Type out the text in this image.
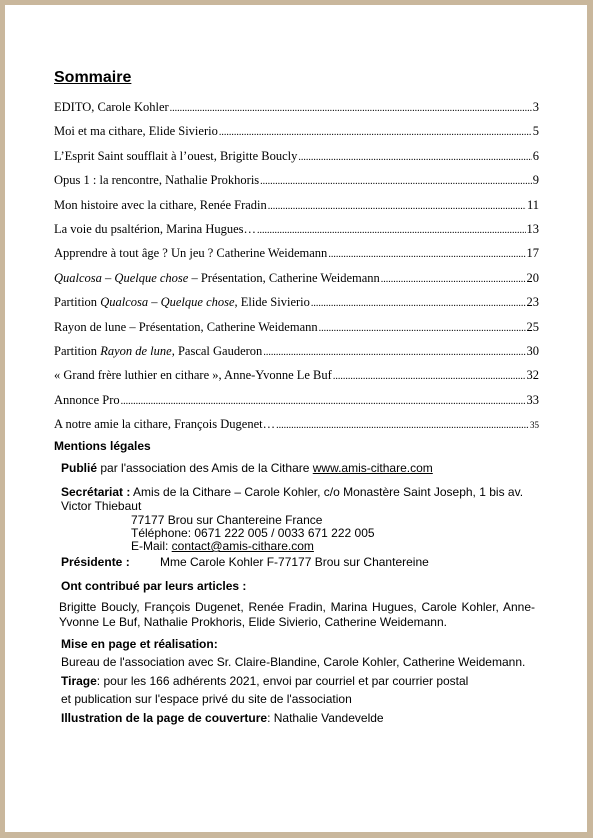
Sommaire
EDITO, Carole Kohler .....	3
Moi et ma cithare, Elide Sivierio .....	5
L’Esprit Saint soufflait à l’ouest, Brigitte Boucly .....	6
Opus 1 : la rencontre, Nathalie Prokhoris .....	9
Mon histoire avec la cithare, Renée Fradin .....	11
La voie du psaltérion, Marina Hugues… .....	13
Apprendre à tout âge ? Un jeu ? Catherine Weidemann .....	17
Qualcosa – Quelque chose – Présentation, Catherine Weidemann .....	20
Partition Qualcosa – Quelque chose, Elide Sivierio .....	23
Rayon de lune – Présentation, Catherine Weidemann .....	25
Partition Rayon de lune, Pascal Gauderon .....	30
« Grand frère luthier en cithare », Anne-Yvonne Le Buf .....	32
Annonce Pro .....	33
A notre amie la cithare, François Dugenet… .....	35
Mentions légales
Publié par l'association des Amis de la Cithare www.amis-cithare.com
Secrétariat : Amis de la Cithare – Carole Kohler, c/o Monastère Saint Joseph, 1 bis av.
Victor Thiebaut
77177 Brou sur Chantereine France
Téléphone: 0671 222 005 / 0033 671 222 005
E-Mail: contact@amis-cithare.com
Présidente :	Mme Carole Kohler F-77177 Brou sur Chantereine
Ont contribué par leurs articles :
Brigitte Boucly, François Dugenet, Renée Fradin, Marina Hugues, Carole Kohler, Anne-Yvonne Le Buf, Nathalie Prokhoris, Elide Sivierio, Catherine Weidemann.
Mise en page et réalisation:
Bureau de l'association avec Sr. Claire-Blandine, Carole Kohler, Catherine Weidemann.
Tirage: pour les 166 adhérents 2021, envoi par courriel et par courrier postal
et publication sur l'espace privé du site de l'association
Illustration de la page de couverture: Nathalie Vandevelde
